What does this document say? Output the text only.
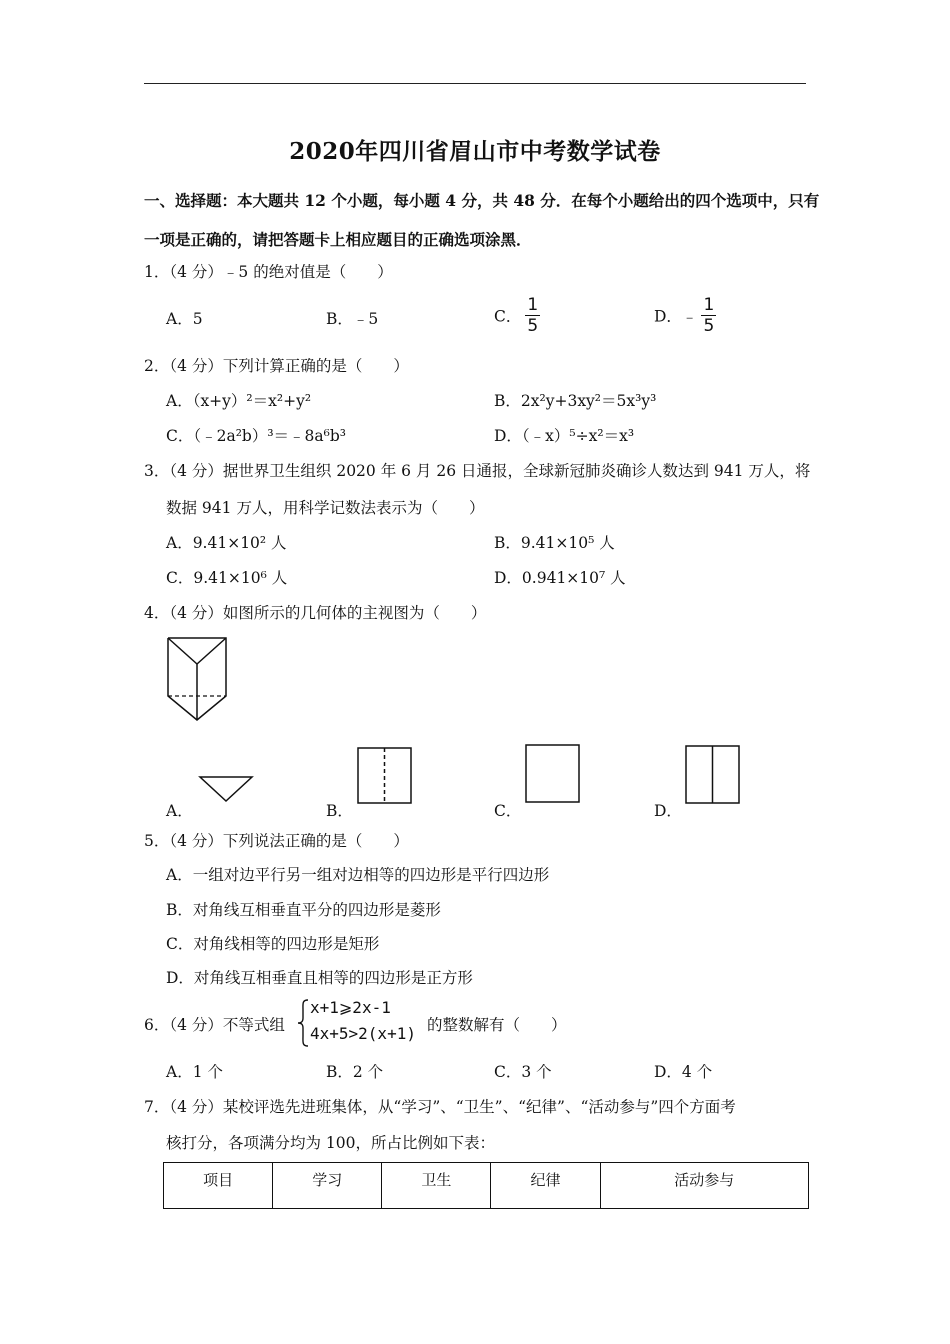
2020年四川省眉山市中考数学试卷
一、选择题：本大题共 12 个小题，每小题 4 分，共 48 分．在每个小题给出的四个选项中，只有
一项是正确的，请把答题卡上相应题目的正确选项涂黑．
1．（4 分）﹣5 的绝对值是（　　）
A．5	B．﹣5	C． $\frac{1}{5}$	D．﹣ $\frac{1}{5}$
2．（4 分）下列计算正确的是（　　）
A．（x+y）²＝x²+y²	B．2x²y+3xy²＝5x³y³
C．（﹣2a²b）³＝﹣8a⁶b³	D．（﹣x）⁵÷x²＝x³
3．（4 分）据世界卫生组织 2020 年 6 月 26 日通报，全球新冠肺炎确诊人数达到 941 万人，将
数据 941 万人，用科学记数法表示为（　　）
A．9.41×10² 人	B．9.41×10⁵ 人
C．9.41×10⁶ 人	D．0.941×10⁷ 人
4．（4 分）如图所示的几何体的主视图为（　　）
A．	B．	C．	D．
5．（4 分）下列说法正确的是（　　）
A．一组对边平行另一组对边相等的四边形是平行四边形
B．对角线互相垂直平分的四边形是菱形
C．对角线相等的四边形是矩形
D．对角线互相垂直且相等的四边形是正方形
6．（4 分）不等式组
x+1⩾2x-1
4x+5>2(x+1) 的整数解有（　　）
A．1 个	B．2 个	C．3 个	D．4 个
7．（4 分）某校评选先进班集体，从“学习”、“卫生”、“纪律”、“活动参与”四个方面考
核打分，各项满分均为 100，所占比例如下表：
项目	学习	卫生	纪律	活动参与
